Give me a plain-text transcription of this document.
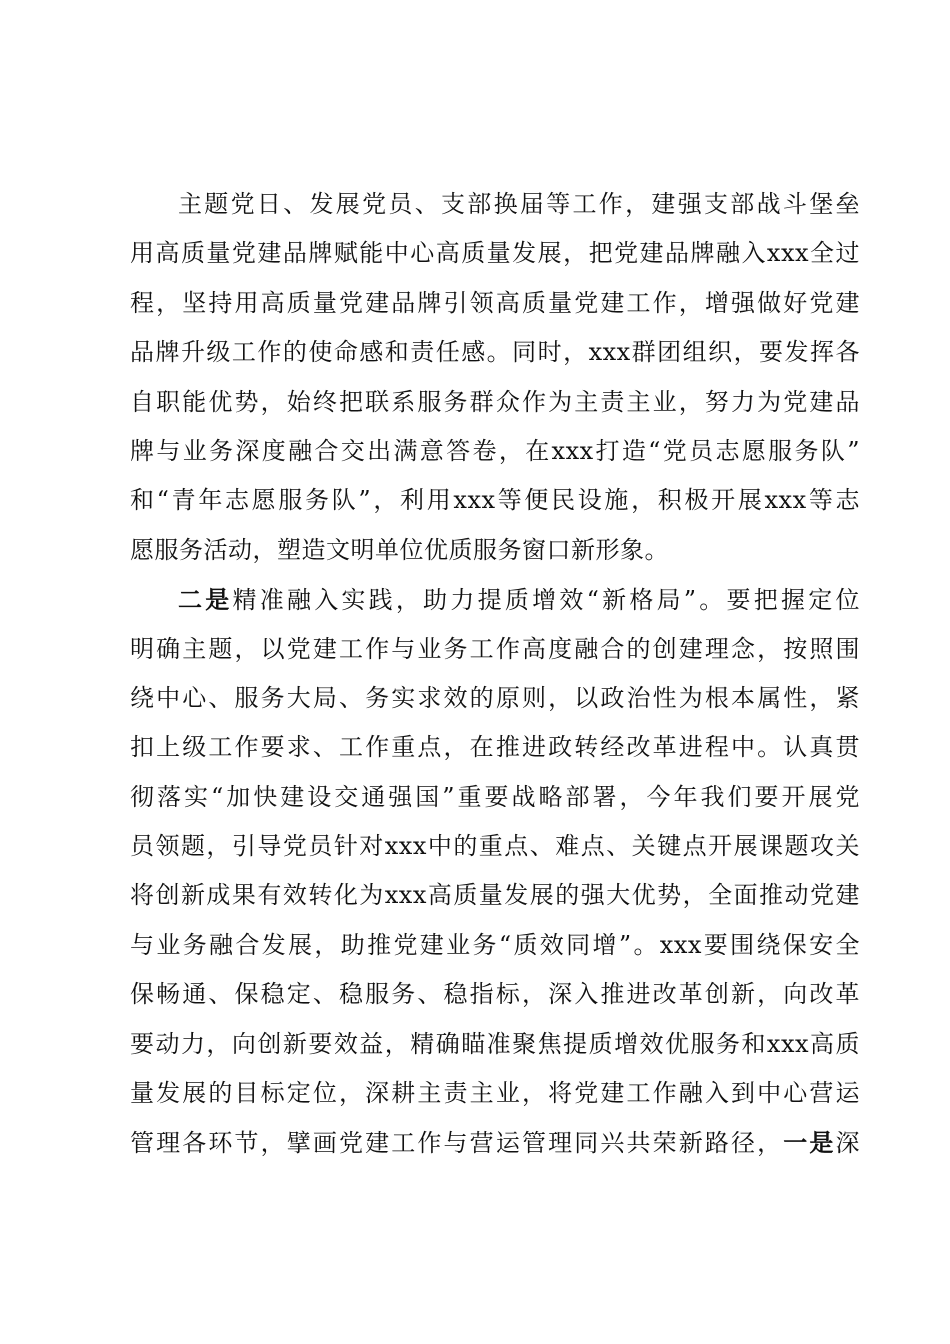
主题党日、发展党员、支部换届等工作，建强支部战斗堡垒
用高质量党建品牌赋能中心高质量发展，把党建品牌融入xxx全过
程，坚持用高质量党建品牌引领高质量党建工作，增强做好党建
品牌升级工作的使命感和责任感。同时，xxx群团组织，要发挥各
自职能优势，始终把联系服务群众作为主责主业，努力为党建品
牌与业务深度融合交出满意答卷，在xxx打造“党员志愿服务队”
和“青年志愿服务队”，利用xxx等便民设施，积极开展xxx等志
愿服务活动，塑造文明单位优质服务窗口新形象。
二是精准融入实践，助力提质增效“新格局”。要把握定位
明确主题，以党建工作与业务工作高度融合的创建理念，按照围
绕中心、服务大局、务实求效的原则，以政治性为根本属性，紧
扣上级工作要求、工作重点，在推进政转经改革进程中。认真贯
彻落实“加快建设交通强国”重要战略部署，今年我们要开展党
员领题，引导党员针对xxx中的重点、难点、关键点开展课题攻关
将创新成果有效转化为xxx高质量发展的强大优势，全面推动党建
与业务融合发展，助推党建业务“质效同增”。xxx要围绕保安全
保畅通、保稳定、稳服务、稳指标，深入推进改革创新，向改革
要动力，向创新要效益，精确瞄准聚焦提质增效优服务和xxx高质
量发展的目标定位，深耕主责主业，将党建工作融入到中心营运
管理各环节，擘画党建工作与营运管理同兴共荣新路径，一是深
